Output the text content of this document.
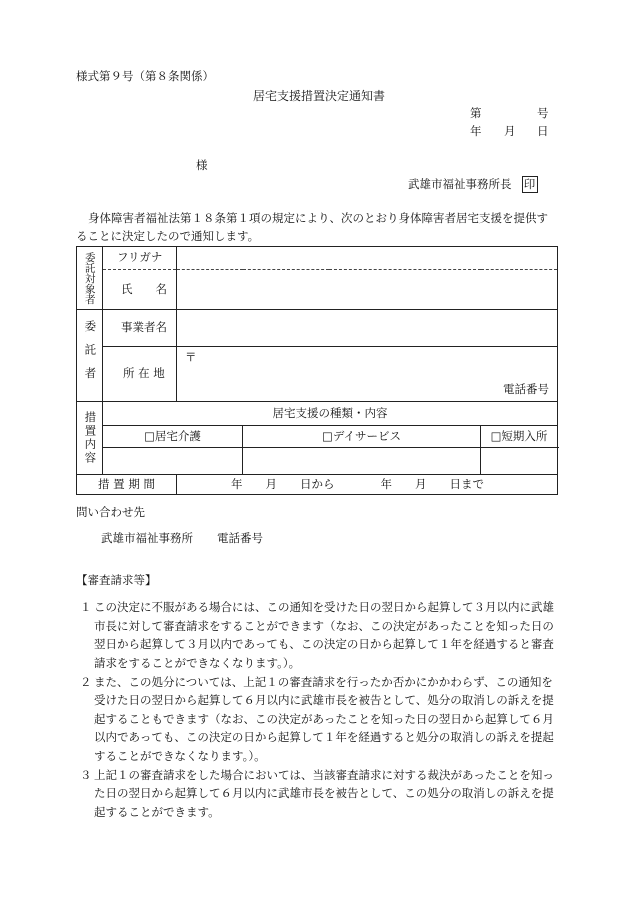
様式第９号（第８条関係）
居宅支援措置決定通知書
第	号
年 月 日
様
武雄市福祉事務所長 印
身体障害者福祉法第１８条第１項の規定により、次のとおり身体障害者居宅支援を提供することに決定したので通知します。
委託対象者	フリガナ			
	氏　　名			

委託者	事業者名			
	所 在 地	〒
電話番号		

措置内容	居宅支援の種類・内容			
	□居宅介護		□デイサービス	□短期入所

措 置 期 間		年　　月　　日から　　　　年　　月　　日まで		
問い合わせ先
武雄市福祉事務所 電話番号
【審査請求等】

１ この決定に不服がある場合には、この通知を受けた日の翌日から起算して３月以内に武雄市長に対して審査請求をすることができます（なお、この決定があったことを知った日の翌日から起算して３月以内であっても、この決定の日から起算して１年を経過すると審査請求をすることができなくなります。）。

２ また、この処分については、上記１の審査請求を行ったか否かにかかわらず、この通知を受けた日の翌日から起算して６月以内に武雄市長を被告として、処分の取消しの訴えを提起することもできます（なお、この決定があったことを知った日の翌日から起算して６月以内であっても、この決定の日から起算して１年を経過すると処分の取消しの訴えを提起することができなくなります。）。

３ 上記１の審査請求をした場合においては、当該審査請求に対する裁決があったことを知った日の翌日から起算して６月以内に武雄市長を被告として、この処分の取消しの訴えを提起することができます。
